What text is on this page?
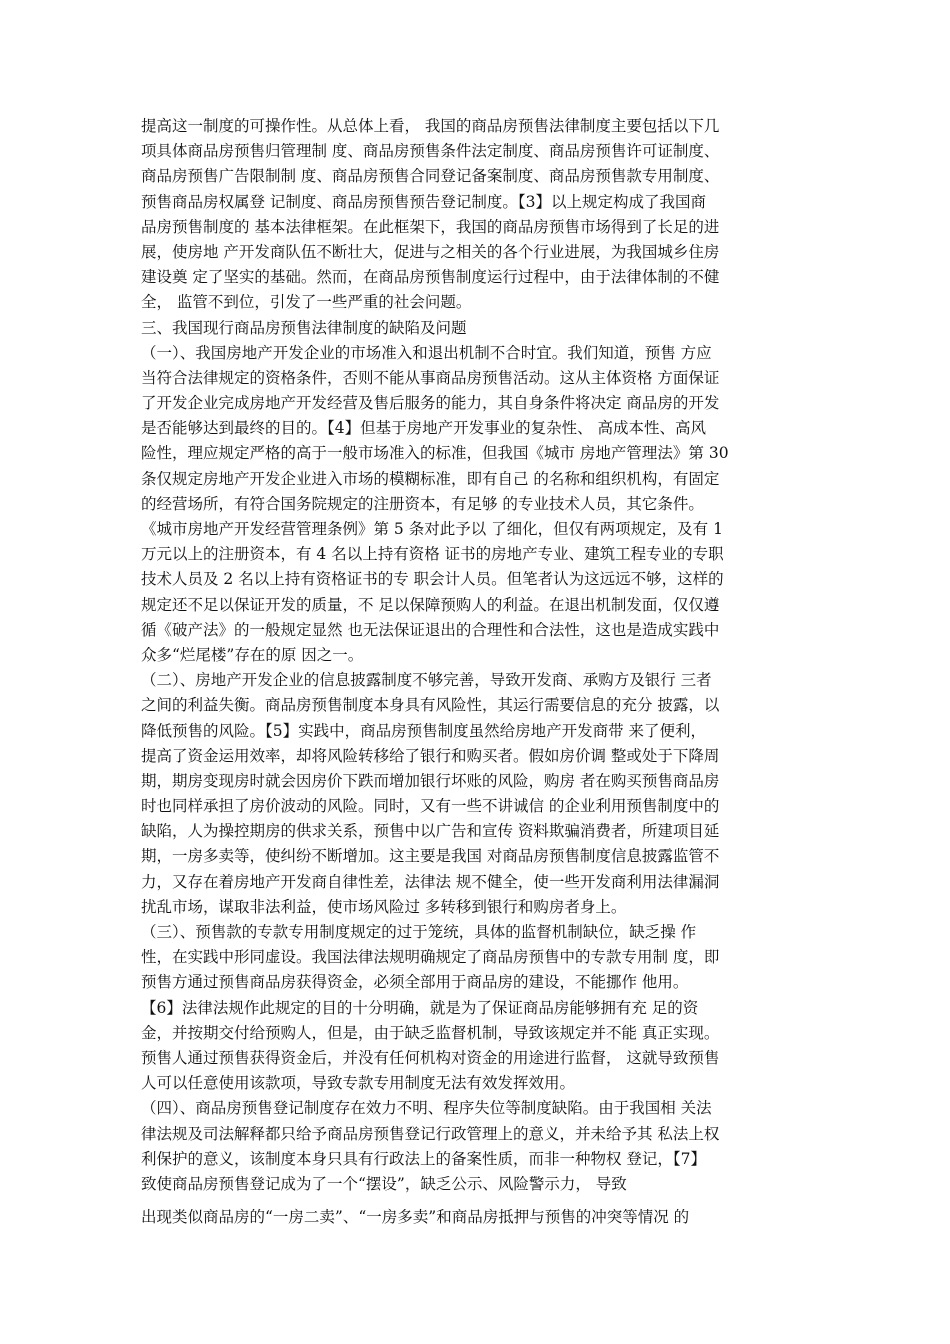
提高这一制度的可操作性。从总体上看， 我国的商品房预售法律制度主要包括以下几
项具体商品房预售归管理制 度、商品房预售条件法定制度、商品房预售许可证制度、
商品房预售广告限制制 度、商品房预售合同登记备案制度、商品房预售款专用制度、
预售商品房权属登 记制度、商品房预售预告登记制度。【3】以上规定构成了我国商
品房预售制度的 基本法律框架。在此框架下，我国的商品房预售市场得到了长足的进
展，使房地 产开发商队伍不断壮大，促进与之相关的各个行业进展，为我国城乡住房
建设奠 定了坚实的基础。然而，在商品房预售制度运行过程中，由于法律体制的不健
全， 监管不到位，引发了一些严重的社会问题。
三、我国现行商品房预售法律制度的缺陷及问题
（一）、我国房地产开发企业的市场准入和退出机制不合时宜。我们知道，预售 方应
当符合法律规定的资格条件，否则不能从事商品房预售活动。这从主体资格 方面保证
了开发企业完成房地产开发经营及售后服务的能力，其自身条件将决定 商品房的开发
是否能够达到最终的目的。【4】但基于房地产开发事业的复杂性、 高成本性、高风
险性，理应规定严格的高于一般市场准入的标准，但我国《城市 房地产管理法》第 30
条仅规定房地产开发企业进入市场的模糊标准，即有自己 的名称和组织机构，有固定
的经营场所，有符合国务院规定的注册资本，有足够 的专业技术人员，其它条件。
《城市房地产开发经营管理条例》第 5 条对此予以 了细化，但仅有两项规定，及有 1
万元以上的注册资本，有 4 名以上持有资格 证书的房地产专业、建筑工程专业的专职
技术人员及 2 名以上持有资格证书的专 职会计人员。但笔者认为这远远不够，这样的
规定还不足以保证开发的质量，不 足以保障预购人的利益。在退出机制发面，仅仅遵
循《破产法》的一般规定显然 也无法保证退出的合理性和合法性，这也是造成实践中
众多“烂尾楼”存在的原 因之一。
（二）、房地产开发企业的信息披露制度不够完善，导致开发商、承购方及银行 三者
之间的利益失衡。商品房预售制度本身具有风险性，其运行需要信息的充分 披露，以
降低预售的风险。【5】实践中，商品房预售制度虽然给房地产开发商带 来了便利，
提高了资金运用效率，却将风险转移给了银行和购买者。假如房价调 整或处于下降周
期，期房变现房时就会因房价下跌而增加银行坏账的风险，购房 者在购买预售商品房
时也同样承担了房价波动的风险。同时，又有一些不讲诚信 的企业利用预售制度中的
缺陷，人为操控期房的供求关系，预售中以广告和宣传 资料欺骗消费者，所建项目延
期，一房多卖等，使纠纷不断增加。这主要是我国 对商品房预售制度信息披露监管不
力，又存在着房地产开发商自律性差，法律法 规不健全，使一些开发商利用法律漏洞
扰乱市场，谋取非法利益，使市场风险过 多转移到银行和购房者身上。
（三）、预售款的专款专用制度规定的过于笼统，具体的监督机制缺位，缺乏操 作
性，在实践中形同虚设。我国法律法规明确规定了商品房预售中的专款专用制 度，即
预售方通过预售商品房获得资金，必须全部用于商品房的建设，不能挪作 他用。
【6】法律法规作此规定的目的十分明确，就是为了保证商品房能够拥有充 足的资
金，并按期交付给预购人，但是，由于缺乏监督机制，导致该规定并不能 真正实现。
预售人通过预售获得资金后，并没有任何机构对资金的用途进行监督， 这就导致预售
人可以任意使用该款项，导致专款专用制度无法有效发挥效用。
（四）、商品房预售登记制度存在效力不明、程序失位等制度缺陷。由于我国相 关法
律法规及司法解释都只给予商品房预售登记行政管理上的意义，并未给予其 私法上权
利保护的意义，该制度本身只具有行政法上的备案性质，而非一种物权 登记，【7】
致使商品房预售登记成为了一个“摆设”，缺乏公示、风险警示力， 导致
出现类似商品房的“一房二卖”、“一房多卖”和商品房抵押与预售的冲突等情况 的
